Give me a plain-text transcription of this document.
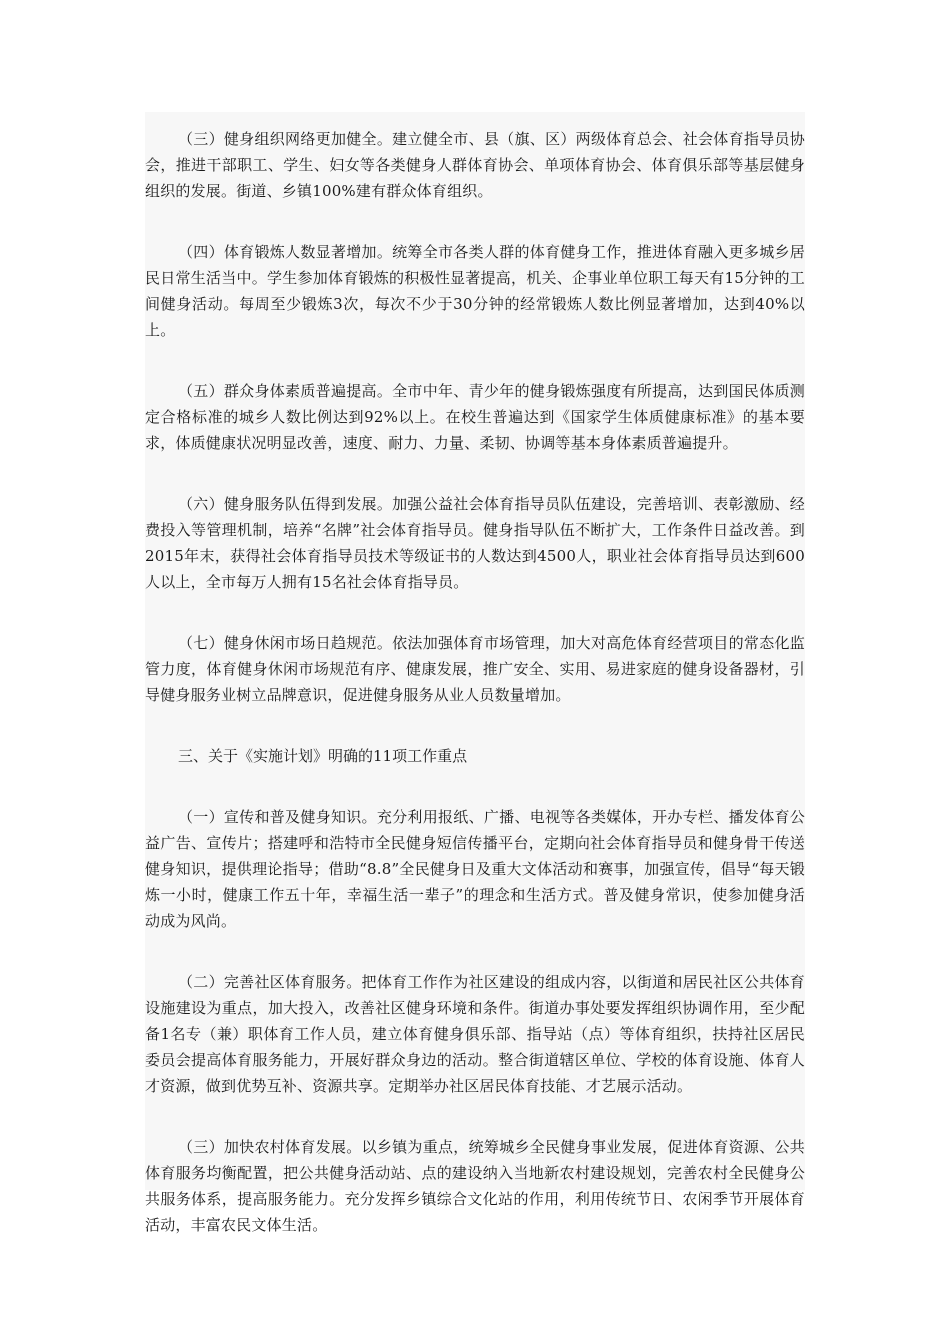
（三）健身组织网络更加健全。建立健全市、县（旗、区）两级体育总会、社会体育指导员协会，推进干部职工、学生、妇女等各类健身人群体育协会、单项体育协会、体育俱乐部等基层健身组织的发展。街道、乡镇100%建有群众体育组织。

（四）体育锻炼人数显著增加。统筹全市各类人群的体育健身工作，推进体育融入更多城乡居民日常生活当中。学生参加体育锻炼的积极性显著提高，机关、企事业单位职工每天有15分钟的工间健身活动。每周至少锻炼3次，每次不少于30分钟的经常锻炼人数比例显著增加，达到40%以上。

（五）群众身体素质普遍提高。全市中年、青少年的健身锻炼强度有所提高，达到国民体质测定合格标准的城乡人数比例达到92%以上。在校生普遍达到《国家学生体质健康标准》的基本要求，体质健康状况明显改善，速度、耐力、力量、柔韧、协调等基本身体素质普遍提升。

（六）健身服务队伍得到发展。加强公益社会体育指导员队伍建设，完善培训、表彰激励、经费投入等管理机制，培养“名牌”社会体育指导员。健身指导队伍不断扩大，工作条件日益改善。到2015年末，获得社会体育指导员技术等级证书的人数达到4500人，职业社会体育指导员达到600人以上，全市每万人拥有15名社会体育指导员。

（七）健身休闲市场日趋规范。依法加强体育市场管理，加大对高危体育经营项目的常态化监管力度，体育健身休闲市场规范有序、健康发展，推广安全、实用、易进家庭的健身设备器材，引导健身服务业树立品牌意识，促进健身服务从业人员数量增加。

三、关于《实施计划》明确的11项工作重点

（一）宣传和普及健身知识。充分利用报纸、广播、电视等各类媒体，开办专栏、播发体育公益广告、宣传片；搭建呼和浩特市全民健身短信传播平台，定期向社会体育指导员和健身骨干传送健身知识，提供理论指导；借助“8.8”全民健身日及重大文体活动和赛事，加强宣传，倡导“每天锻炼一小时，健康工作五十年，幸福生活一辈子”的理念和生活方式。普及健身常识，使参加健身活动成为风尚。

（二）完善社区体育服务。把体育工作作为社区建设的组成内容，以街道和居民社区公共体育设施建设为重点，加大投入，改善社区健身环境和条件。街道办事处要发挥组织协调作用，至少配备1名专（兼）职体育工作人员，建立体育健身俱乐部、指导站（点）等体育组织，扶持社区居民委员会提高体育服务能力，开展好群众身边的活动。整合街道辖区单位、学校的体育设施、体育人才资源，做到优势互补、资源共享。定期举办社区居民体育技能、才艺展示活动。

（三）加快农村体育发展。以乡镇为重点，统筹城乡全民健身事业发展，促进体育资源、公共体育服务均衡配置，把公共健身活动站、点的建设纳入当地新农村建设规划，完善农村全民健身公共服务体系，提高服务能力。充分发挥乡镇综合文化站的作用，利用传统节日、农闲季节开展体育活动，丰富农民文体生活。
